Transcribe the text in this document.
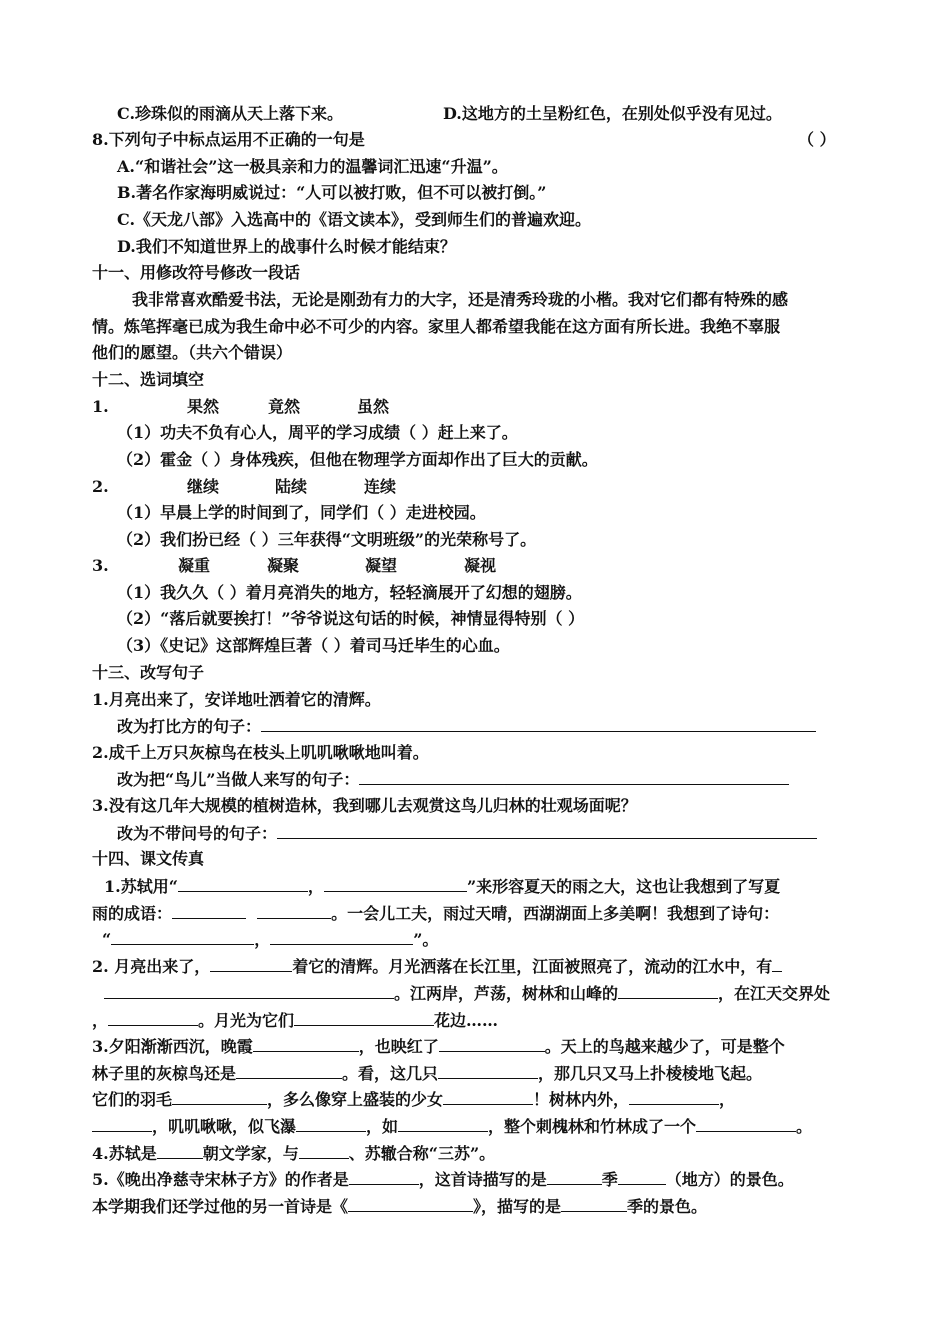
C.珍珠似的雨滴从天上落下来。	D.这地方的土呈粉红色，在别处似乎没有见过。
8.下列句子中标点运用不正确的一句是	（ ）
A.“和谐社会”这一极具亲和力的温馨词汇迅速“升温”。
B.著名作家海明威说过：“人可以被打败，但不可以被打倒。”
C.《天龙八部》入选高中的《语文读本》，受到师生们的普遍欢迎。
D.我们不知道世界上的战事什么时候才能结束？
十一、用修改符号修改一段话
我非常喜欢酷爱书法，无论是刚劲有力的大字，还是清秀玲珑的小楷。我对它们都有特殊的感
情。炼笔挥毫已成为我生命中必不可少的内容。家里人都希望我能在这方面有所长进。我绝不辜服
他们的愿望。（共六个错误）
十二、选词填空
1.	果然	竟然	虽然
（1）功夫不负有心人，周平的学习成绩（ ）赶上来了。
（2）霍金（ ）身体残疾，但他在物理学方面却作出了巨大的贡献。
2.	继续	陆续	连续
（1）早晨上学的时间到了，同学们（ ）走进校园。
（2）我们扮已经（ ）三年获得“文明班级”的光荣称号了。
3.	凝重	凝聚	凝望	凝视
（1）我久久（ ）着月亮消失的地方，轻轻滴展开了幻想的翅膀。
（2）“落后就要挨打！”爷爷说这句话的时候，神情显得特别（ ）
（3）《史记》这部辉煌巨著（ ）着司马迁毕生的心血。
十三、改写句子
1.月亮出来了，安详地吐洒着它的清辉。
改为打比方的句子：
2.成千上万只灰椋鸟在枝头上叽叽啾啾地叫着。
改为把“鸟儿”当做人来写的句子：
3.没有这几年大规模的植树造林，我到哪儿去观赏这鸟儿归林的壮观场面呢？
改为不带问号的句子：
十四、课文传真
1.苏轼用“	，	”来形容夏天的雨之大，这也让我想到了写夏
雨的成语：	。一会儿工夫，雨过天晴，西湖湖面上多美啊！我想到了诗句：
“	，	”。
2. 月亮出来了，	着它的清辉。月光洒落在长江里，江面被照亮了，流动的江水中，有
。江两岸，芦荡，树林和山峰的	，在江天交界处
，	。月光为它们	花边……
3.夕阳渐渐西沉，晚霞	，也映红了	。天上的鸟越来越少了，可是整个
林子里的灰椋鸟还是	。看，这几只	，那几只又马上扑棱棱地飞起。
它们的羽毛	，多么像穿上盛装的少女	！树林内外，	，
，叽叽啾啾，似飞瀑	，如	，整个刺槐林和竹林成了一个	。
4.苏轼是	朝文学家，与	、苏辙合称“三苏”。
5.《晚出净慈寺宋林子方》的作者是	，这首诗描写的是	季	（地方）的景色。
本学期我们还学过他的另一首诗是《	》，描写的是	季的景色。
